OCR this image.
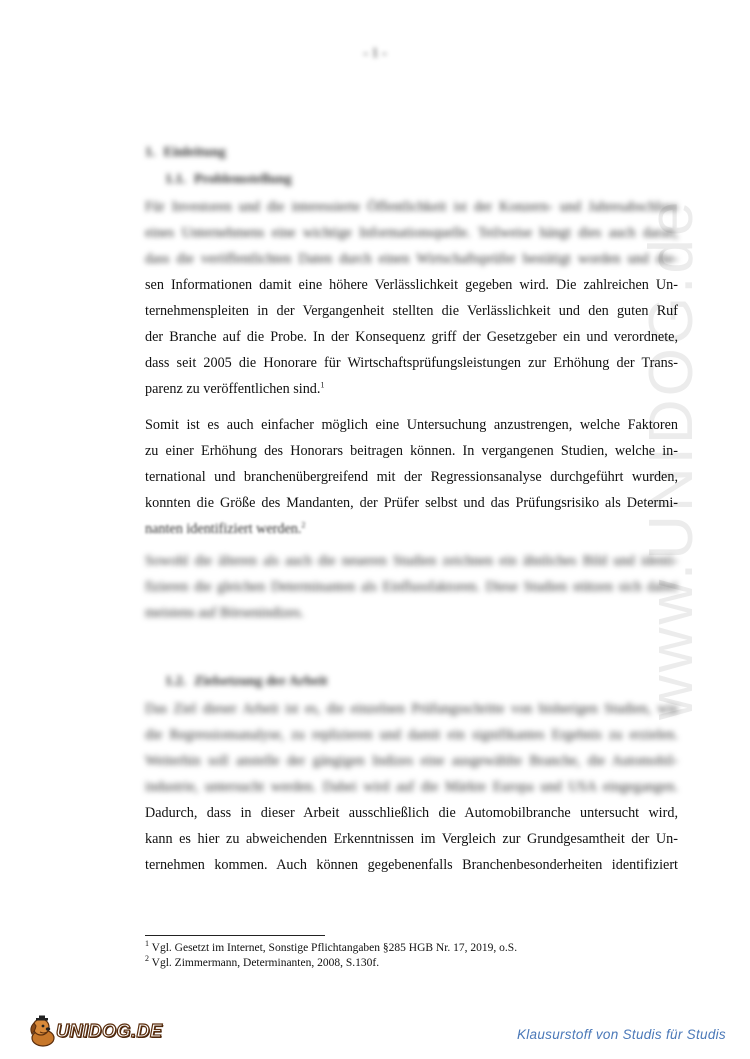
www.UNIDOG.de
- 1 -
1. Einleitung
1.1. Problemstellung
Für Investoren und die interessierte Öffentlichkeit ist der Konzern- und Jahresabschluss
eines Unternehmens eine wichtige Informationsquelle. Teilweise hängt dies auch daran,
dass die veröffentlichten Daten durch einen Wirtschaftsprüfer bestätigt worden und die-
sen Informationen damit eine höhere Verlässlichkeit gegeben wird. Die zahlreichen Un-
ternehmenspleiten in der Vergangenheit stellten die Verlässlichkeit und den guten Ruf
der Branche auf die Probe. In der Konsequenz griff der Gesetzgeber ein und verordnete,
dass seit 2005 die Honorare für Wirtschaftsprüfungsleistungen zur Erhöhung der Trans-
parenz zu veröffentlichen sind.$^1$
Somit ist es auch einfacher möglich eine Untersuchung anzustrengen, welche Faktoren
zu einer Erhöhung des Honorars beitragen können. In vergangenen Studien, welche in-
ternational und branchenübergreifend mit der Regressionsanalyse durchgeführt wurden,
konnten die Größe des Mandanten, der Prüfer selbst und das Prüfungsrisiko als Determi-
nanten identifiziert werden.$^2$
Sowohl die älteren als auch die neueren Studien zeichnen ein ähnliches Bild und identi-
fizieren die gleichen Determinanten als Einflussfaktoren. Diese Studien stützen sich dabei
meistens auf Börsenindizes.
1.2. Zielsetzung der Arbeit
Das Ziel dieser Arbeit ist es, die einzelnen Prüfungsschritte von bisherigen Studien, wie
die Regressionsanalyse, zu replizieren und damit ein signifikantes Ergebnis zu erzielen.
Weiterhin soll anstelle der gängigen Indizes eine ausgewählte Branche, die Automobil-
industrie, untersucht werden. Dabei wird auf die Märkte Europa und USA eingegangen.
Dadurch, dass in dieser Arbeit ausschließlich die Automobilbranche untersucht wird,
kann es hier zu abweichenden Erkenntnissen im Vergleich zur Grundgesamtheit der Un-
ternehmen kommen. Auch können gegebenenfalls Branchenbesonderheiten identifiziert
$^1$ Vgl. Gesetzt im Internet, Sonstige Pflichtangaben §285 HGB Nr. 17, 2019, o.S.
$^2$ Vgl. Zimmermann, Determinanten, 2008, S.130f.
UNIDOG.DE	Klausurstoff von Studis für Studis
